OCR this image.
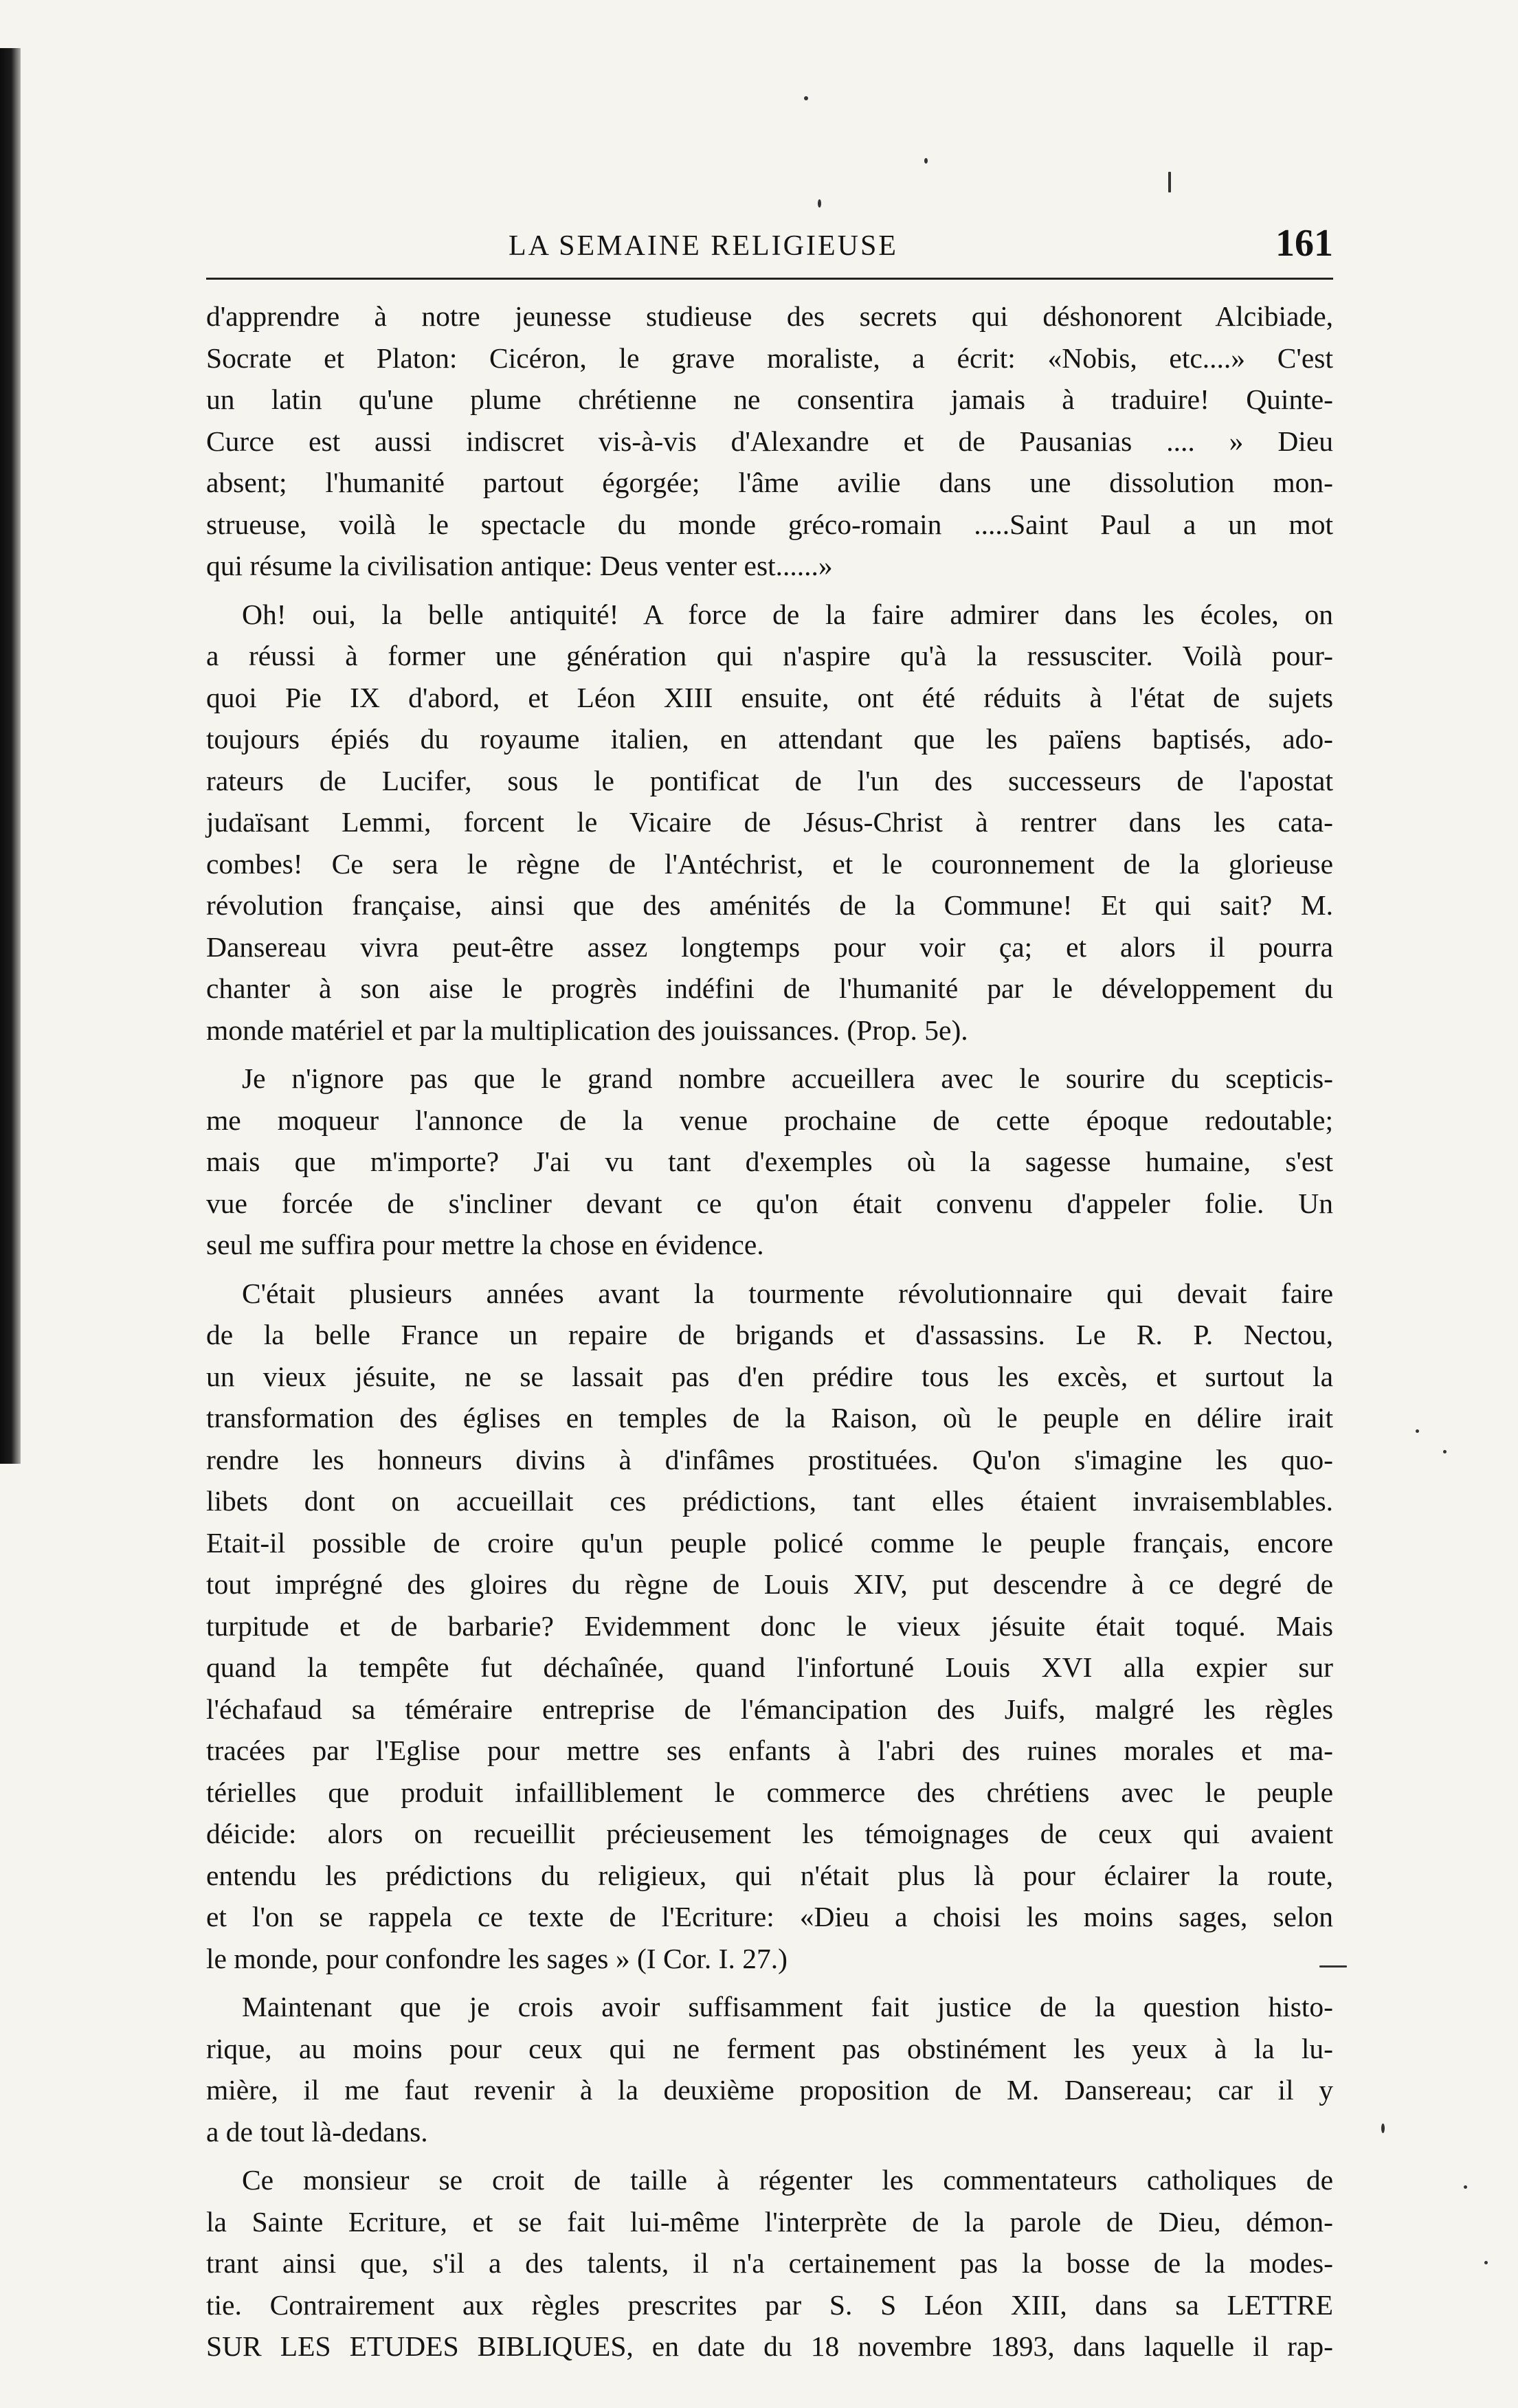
LA SEMAINE RELIGIEUSE	161

d'apprendre à notre jeunesse studieuse des secrets qui déshonorent Alcibiade,
Socrate et Platon: Cicéron, le grave moraliste, a écrit: «Nobis, etc....» C'est
un latin qu'une plume chrétienne ne consentira jamais à traduire! Quinte-
Curce est aussi indiscret vis-à-vis d'Alexandre et de Pausanias .... » Dieu
absent; l'humanité partout égorgée; l'âme avilie dans une dissolution mon-
strueuse, voilà le spectacle du monde gréco-romain .....Saint Paul a un mot
qui résume la civilisation antique: Deus venter est......»

Oh! oui, la belle antiquité! A force de la faire admirer dans les écoles, on
a réussi à former une génération qui n'aspire qu'à la ressusciter. Voilà pour-
quoi Pie IX d'abord, et Léon XIII ensuite, ont été réduits à l'état de sujets
toujours épiés du royaume italien, en attendant que les païens baptisés, ado-
rateurs de Lucifer, sous le pontificat de l'un des successeurs de l'apostat
judaïsant Lemmi, forcent le Vicaire de Jésus-Christ à rentrer dans les cata-
combes! Ce sera le règne de l'Antéchrist, et le couronnement de la glorieuse
révolution française, ainsi que des aménités de la Commune! Et qui sait? M.
Dansereau vivra peut-être assez longtemps pour voir ça; et alors il pourra
chanter à son aise le progrès indéfini de l'humanité par le développement du
monde matériel et par la multiplication des jouissances. (Prop. 5e).

Je n'ignore pas que le grand nombre accueillera avec le sourire du scepticis-
me moqueur l'annonce de la venue prochaine de cette époque redoutable;
mais que m'importe? J'ai vu tant d'exemples où la sagesse humaine, s'est
vue forcée de s'incliner devant ce qu'on était convenu d'appeler folie. Un
seul me suffira pour mettre la chose en évidence.

C'était plusieurs années avant la tourmente révolutionnaire qui devait faire
de la belle France un repaire de brigands et d'assassins. Le R. P. Nectou,
un vieux jésuite, ne se lassait pas d'en prédire tous les excès, et surtout la
transformation des églises en temples de la Raison, où le peuple en délire irait
rendre les honneurs divins à d'infâmes prostituées. Qu'on s'imagine les quo-
libets dont on accueillait ces prédictions, tant elles étaient invraisemblables.
Etait-il possible de croire qu'un peuple policé comme le peuple français, encore
tout imprégné des gloires du règne de Louis XIV, put descendre à ce degré de
turpitude et de barbarie? Evidemment donc le vieux jésuite était toqué. Mais
quand la tempête fut déchaînée, quand l'infortuné Louis XVI alla expier sur
l'échafaud sa téméraire entreprise de l'émancipation des Juifs, malgré les règles
tracées par l'Eglise pour mettre ses enfants à l'abri des ruines morales et ma-
térielles que produit infailliblement le commerce des chrétiens avec le peuple
déicide: alors on recueillit précieusement les témoignages de ceux qui avaient
entendu les prédictions du religieux, qui n'était plus là pour éclairer la route,
et l'on se rappela ce texte de l'Ecriture: «Dieu a choisi les moins sages, selon
le monde, pour confondre les sages » (I Cor. I. 27.)

Maintenant que je crois avoir suffisamment fait justice de la question histo-
rique, au moins pour ceux qui ne ferment pas obstinément les yeux à la lu-
mière, il me faut revenir à la deuxième proposition de M. Dansereau; car il y
a de tout là-dedans.

Ce monsieur se croit de taille à régenter les commentateurs catholiques de
la Sainte Ecriture, et se fait lui-même l'interprète de la parole de Dieu, démon-
trant ainsi que, s'il a des talents, il n'a certainement pas la bosse de la modes-
tie. Contrairement aux règles prescrites par S. S Léon XIII, dans sa LETTRE
SUR LES ETUDES BIBLIQUES, en date du 18 novembre 1893, dans laquelle il rap-
